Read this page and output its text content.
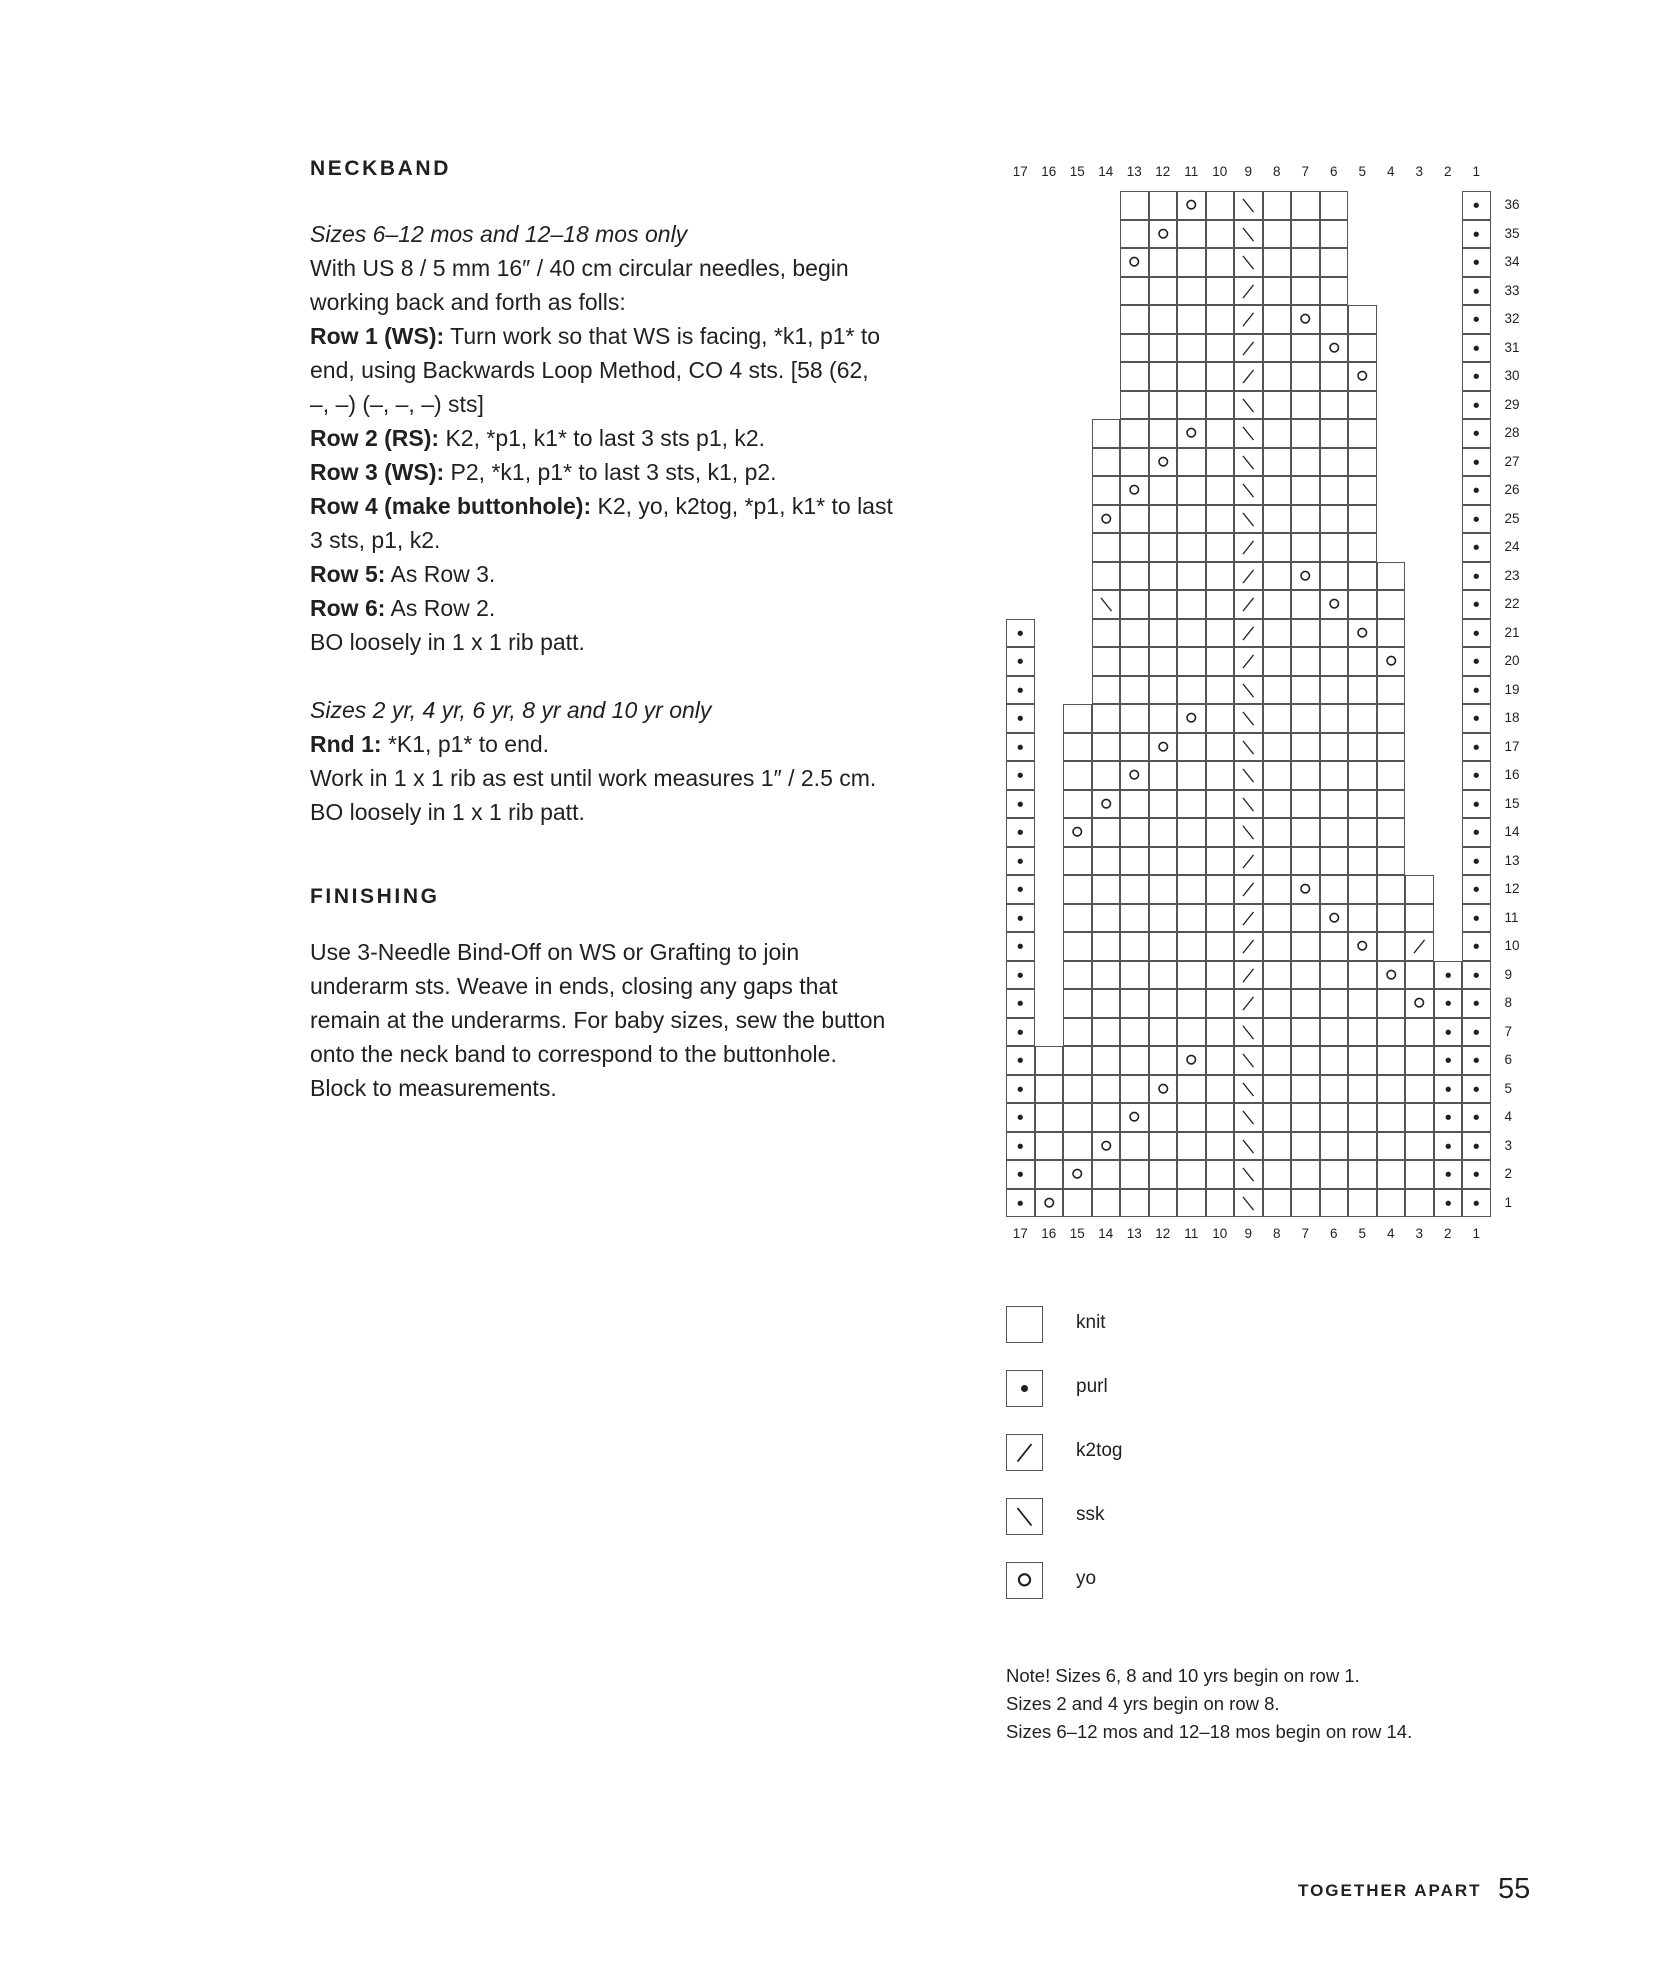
NECKBAND
Sizes 6–12 mos and 12–18 mos only
With US 8 / 5 mm 16″ / 40 cm circular needles, begin
working back and forth as folls:
Row 1 (WS): Turn work so that WS is facing, *k1, p1* to
end, using Backwards Loop Method, CO 4 sts. [58 (62,
–, –) (–, –, –) sts]
Row 2 (RS): K2, *p1, k1* to last 3 sts p1, k2.
Row 3 (WS): P2, *k1, p1* to last 3 sts, k1, p2.
Row 4 (make buttonhole): K2, yo, k2tog, *p1, k1* to last
3 sts, p1, k2.
Row 5: As Row 3.
Row 6: As Row 2.
BO loosely in 1 x 1 rib patt.
Sizes 2 yr, 4 yr, 6 yr, 8 yr and 10 yr only
Rnd 1: *K1, p1* to end.
Work in 1 x 1 rib as est until work measures 1″ / 2.5 cm.
BO loosely in 1 x 1 rib patt.
FINISHING
Use 3-Needle Bind-Off on WS or Grafting to join
underarm sts. Weave in ends, closing any gaps that
remain at the underarms. For baby sizes, sew the button
onto the neck band to correspond to the buttonhole.
Block to measurements.
17
17
16
16
15
15
14
14
13
13
12
12
11
11
10
10
9
9
8
8
7
7
6
6
5
5
4
4
3
3
2
2
1
1
36
35
34
33
32
31
30
29
28
27
26
25
24
23
22
21
20
19
18
17
16
15
14
13
12
11
10
9
8
7
6
5
4
3
2
1
knit
purl
k2tog
ssk
yo
Note! Sizes 6, 8 and 10 yrs begin on row 1.
Sizes 2 and 4 yrs begin on row 8.
Sizes 6–12 mos and 12–18 mos begin on row 14.
TOGETHER APART 55
